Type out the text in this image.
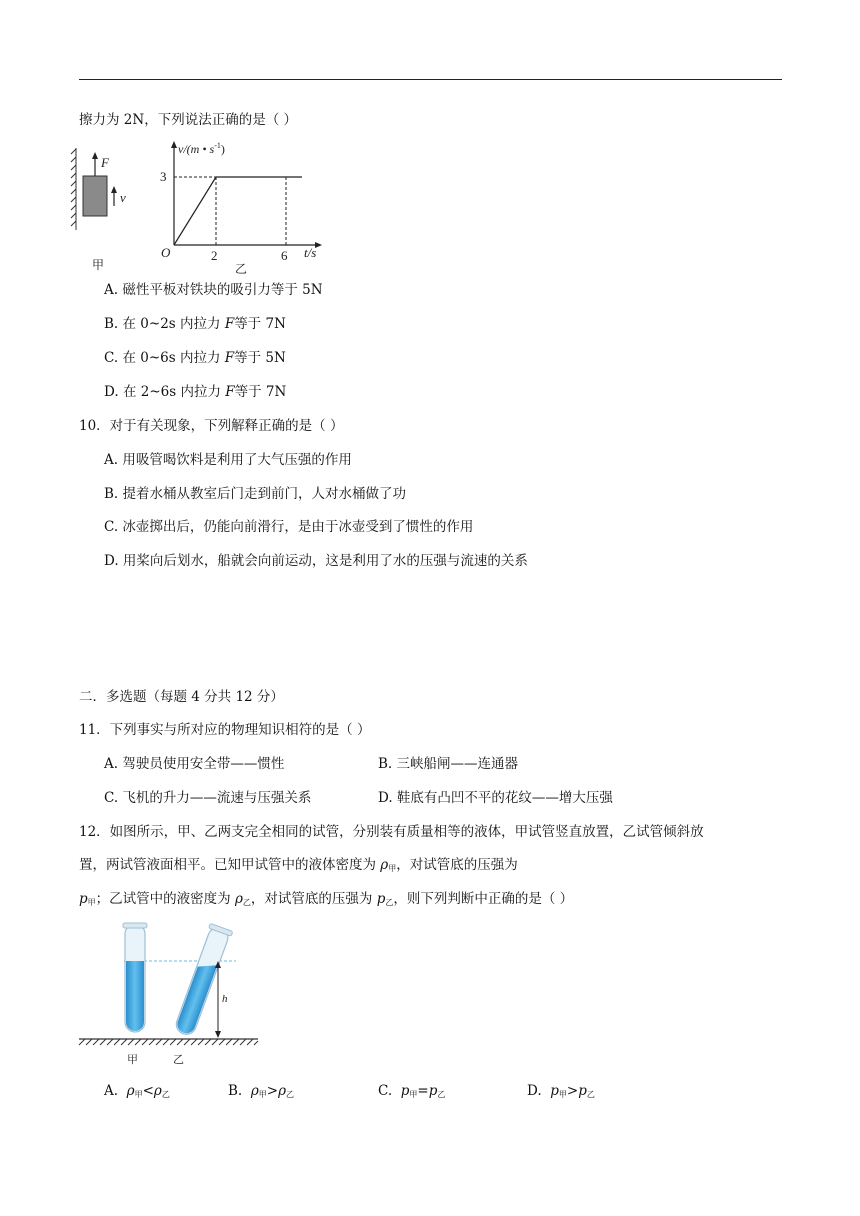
擦力为 2N，下列说法正确的是（ ）
F
v
甲
v/(m • $s^{-1}$)
O
3
2	6 t/s
乙
A. 磁性平板对铁块的吸引力等于 5N
B. 在 0~2s 内拉力 F等于 7N
C. 在 0~6s 内拉力 F等于 5N
D. 在 2~6s 内拉力 F等于 7N
10．对于有关现象，下列解释正确的是（ ）
A. 用吸管喝饮料是利用了大气压强的作用
B. 提着水桶从教室后门走到前门，人对水桶做了功
C. 冰壶掷出后，仍能向前滑行，是由于冰壶受到了惯性的作用
D. 用桨向后划水，船就会向前运动，这是利用了水的压强与流速的关系
二．多选题（每题 4 分共 12 分）
11．下列事实与所对应的物理知识相符的是（ ）
A. 驾驶员使用安全带——惯性	B. 三峡船闸——连通器
C. 飞机的升力——流速与压强关系	D. 鞋底有凸凹不平的花纹——增大压强
12．如图所示，甲、乙两支完全相同的试管，分别装有质量相等的液体，甲试管竖直放置，乙试管倾斜放
置，两试管液面相平。已知甲试管中的液体密度为 $\rho_甲$，对试管底的压强为
$p_甲$；乙试管中的液密度为 $\rho_乙$，对试管底的压强为 $p_乙$，则下列判断中正确的是（ ）
h
甲	乙
A. $\rho_甲<\rho_乙$	B. $\rho_甲>\rho_乙$	C. $p_甲=p_乙$	D. $p_甲>p_乙$
